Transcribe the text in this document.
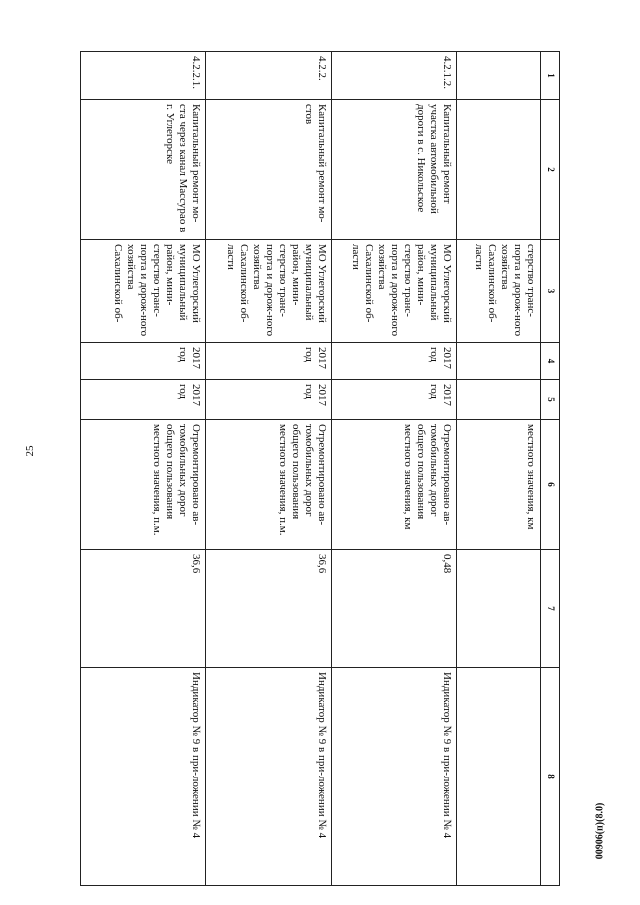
25
00906(п)(8.0)
1	2	3	4	5	6	7	8
		стерство транс-порта и дорож-ного хозяйства Сахалинской об-ласти			местного значения, км		
4.2.1.2.	Капитальный ремонт участка автомобильной дороги в с. Никольское	МО Углегорский муниципальный район, мини-стерство транс-порта и дорож-ного хозяйства Сахалинской об-ласти	2017 год	2017 год	Отремонтировано ав-томобильных дорог общего пользования местного значения, км	0,48	Индикатор № 9 в при-ложении № 4
4.2.2.	Капитальный ремонт мо-стов	МО Углегорский муниципальный район, мини-стерство транс-порта и дорож-ного хозяйства Сахалинской об-ласти	2017 год	2017 год	Отремонтировано ав-томобильных дорог общего пользования местного значения, п.м.	36,6	Индикатор № 9 в при-ложении № 4
4.2.2.1.	Капитальный ремонт мо-ста через канал Массурао в г. Углегорске	МО Углегорский муниципальный район, мини-стерство транс-порта и дорож-ного хозяйства Сахалинской об-	2017 год	2017 год	Отремонтировано ав-томобильных дорог общего пользования местного значения, п.м.	36,6	Индикатор № 9 в при-ложении № 4
